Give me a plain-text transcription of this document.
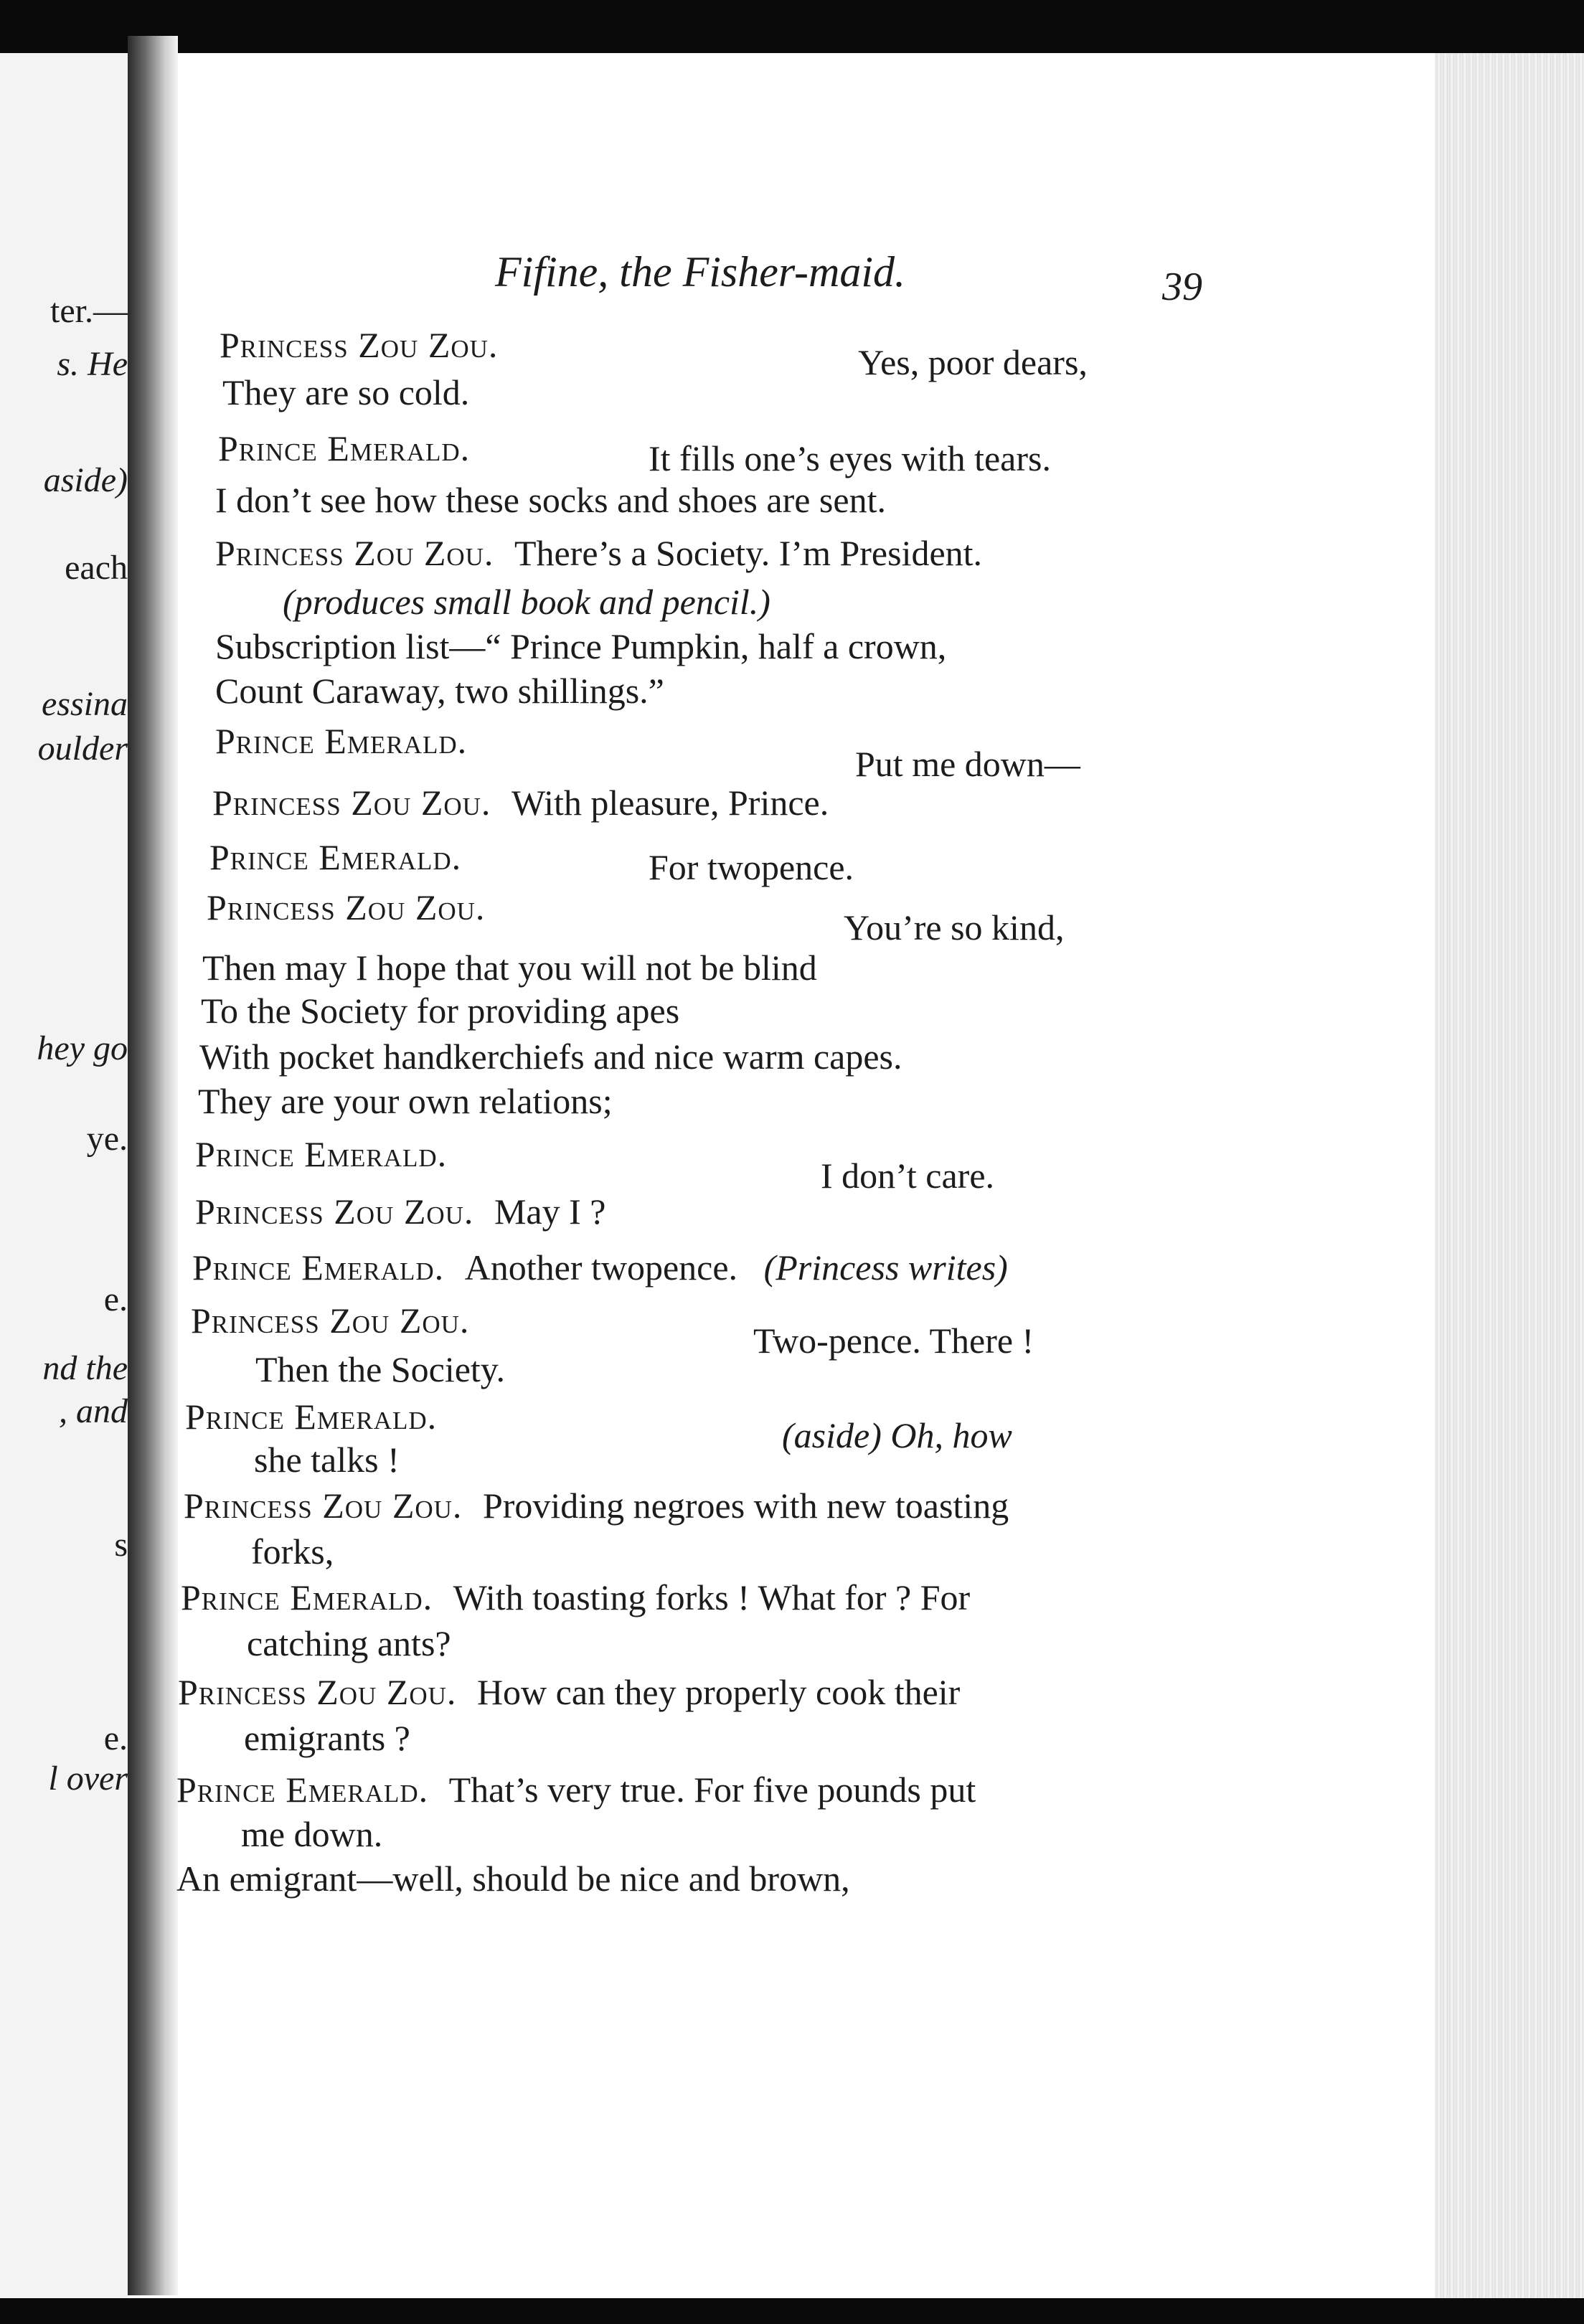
ter.—
s. He
aside)
each
essina
oulder
hey go
ye.
e.
nd the
, and
s
e.
l over
Fifine, the Fisher-maid.	39
Princess Zou Zou.	Yes, poor dears,
They are so cold.
Prince Emerald.	It fills one’s eyes with tears.
I don’t see how these socks and shoes are sent.
Princess Zou Zou. There’s a Society. I’m President.
(produces small book and pencil.)
Subscription list—“ Prince Pumpkin, half a crown,
Count Caraway, two shillings.”
Prince Emerald.
Put me down—
Princess Zou Zou. With pleasure, Prince.
Prince Emerald.	For twopence.
Princess Zou Zou.	You’re so kind,
Then may I hope that you will not be blind
To the Society for providing apes
With pocket handkerchiefs and nice warm capes.
They are your own relations;
Prince Emerald.
I don’t care.
Princess Zou Zou. May I ?
Prince Emerald. Another twopence. (Princess writes)
Princess Zou Zou.	Two-pence. There !
Then the Society.
Prince Emerald.	(aside) Oh, how
she talks !
Princess Zou Zou. Providing negroes with new toasting
forks,
Prince Emerald. With toasting forks ! What for ? For
catching ants?
Princess Zou Zou. How can they properly cook their
emigrants ?
Prince Emerald. That’s very true. For five pounds put
me down.
An emigrant—well, should be nice and brown,
